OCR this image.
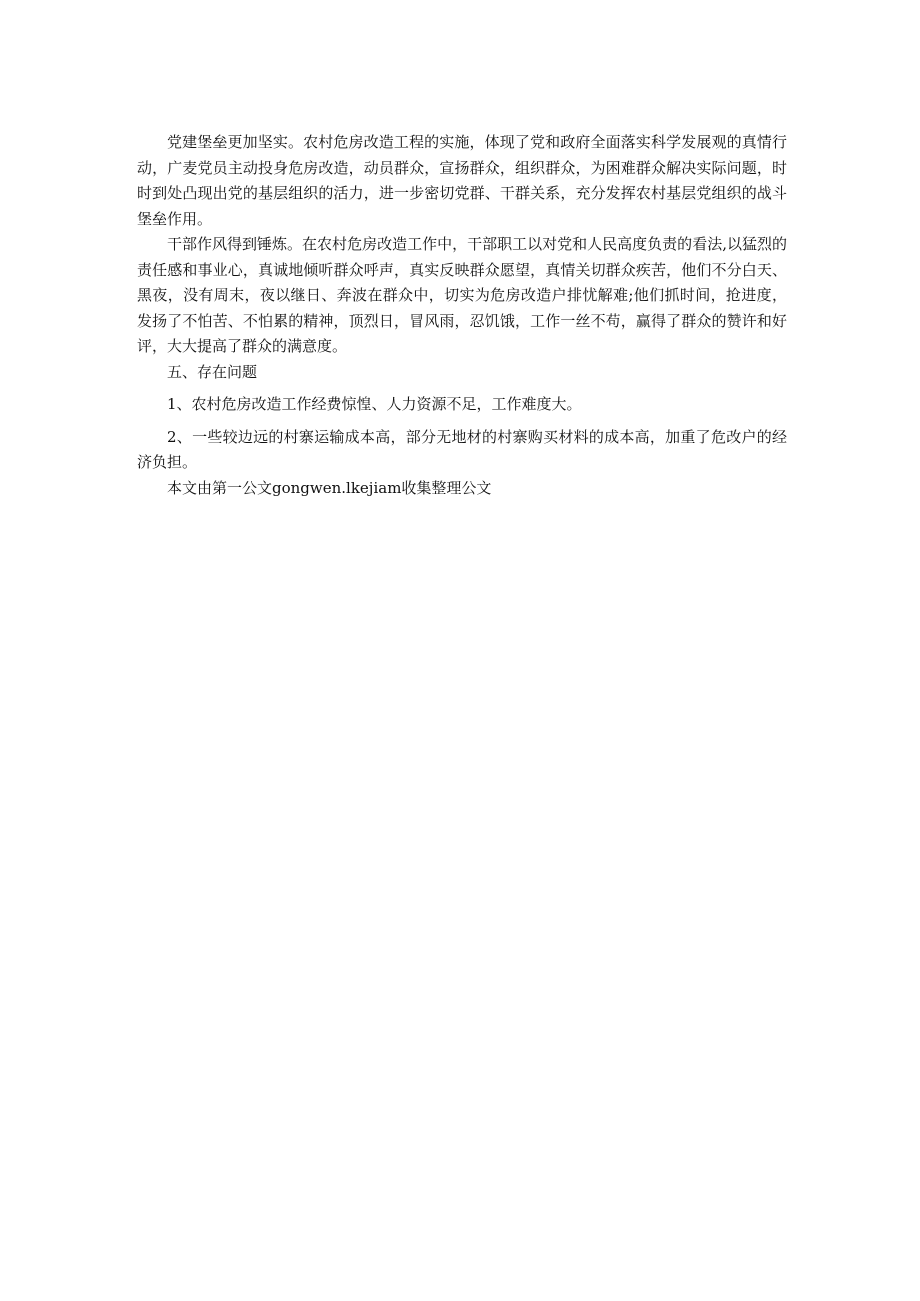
党建堡垒更加坚实。农村危房改造工程的实施，体现了党和政府全面落实科学发展观的真情行动，广麦党员主动投身危房改造，动员群众，宣扬群众，组织群众，为困难群众解决实际问题，时时到处凸现出党的基层组织的活力，进一步密切党群、干群关系，充分发挥农村基层党组织的战斗堡垒作用。

干部作风得到锤炼。在农村危房改造工作中，干部职工以对党和人民高度负责的看法,以猛烈的责任感和事业心，真诚地倾听群众呼声，真实反映群众愿望，真情关切群众疾苦，他们不分白天、黑夜，没有周末，夜以继日、奔波在群众中，切实为危房改造户排忧解难;他们抓时间，抢进度，发扬了不怕苦、不怕累的精神，顶烈日，冒风雨，忍饥饿，工作一丝不苟，赢得了群众的赞许和好评，大大提高了群众的满意度。

五、存在问题

1、农村危房改造工作经费惊惶、人力资源不足，工作难度大。

2、一些较边远的村寨运输成本高，部分无地材的村寨购买材料的成本高，加重了危改户的经济负担。

本文由第一公文gongwen.lkejiam收集整理公文
